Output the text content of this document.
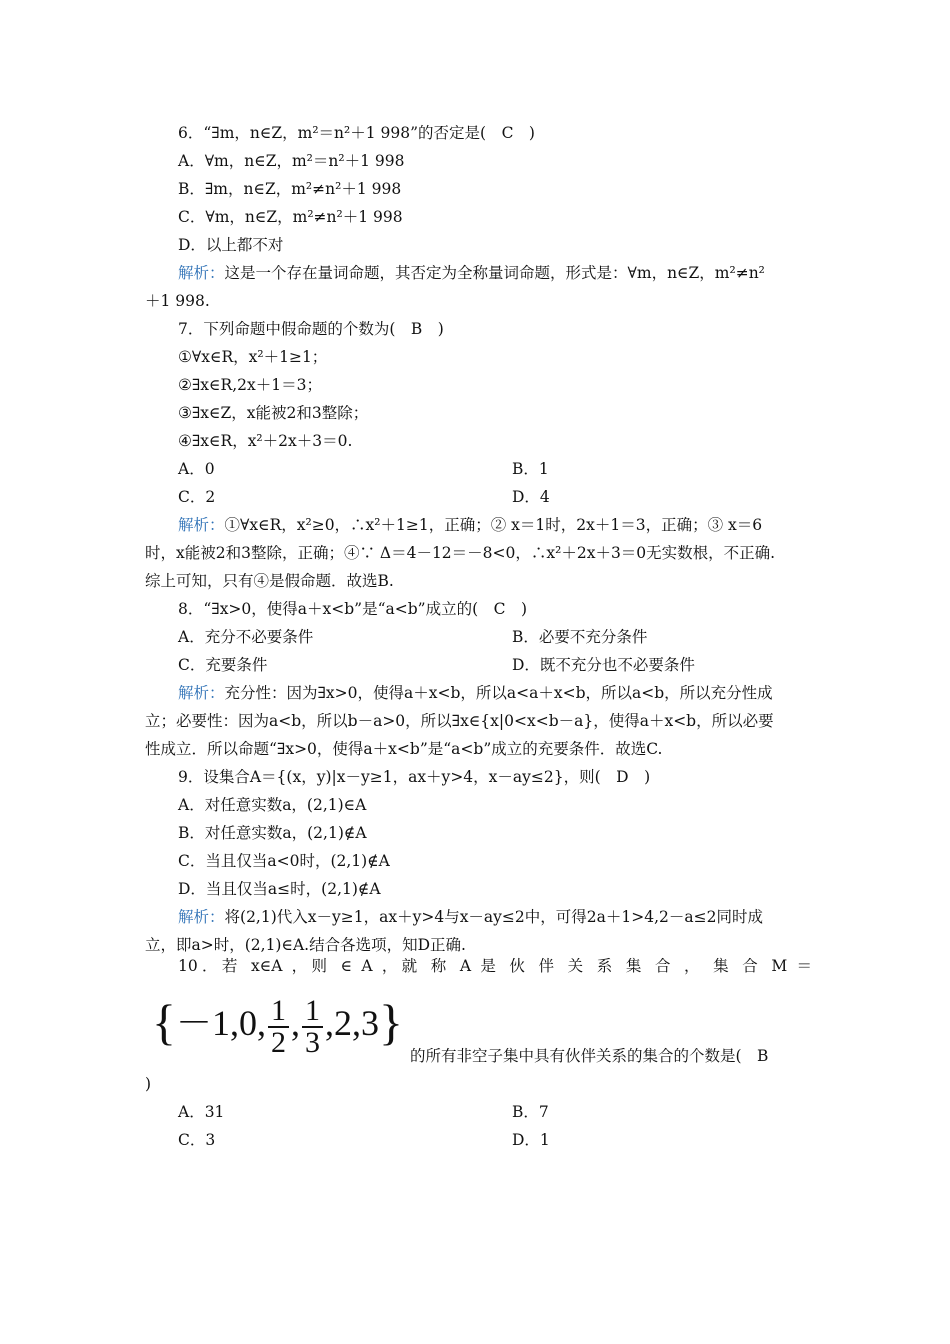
6．“∃m，n∈Z，m²＝n²＋1 998”的否定是(　C　)
A．∀m，n∈Z，m²＝n²＋1 998
B．∃m，n∈Z，m²≠n²＋1 998
C．∀m，n∈Z，m²≠n²＋1 998
D．以上都不对
解析：这是一个存在量词命题，其否定为全称量词命题，形式是：∀m，n∈Z，m²≠n²
＋1 998.
7．下列命题中假命题的个数为(　B　)
①∀x∈R，x²＋1≥1；
②∃x∈R,2x＋1＝3；
③∃x∈Z，x能被2和3整除；
④∃x∈R，x²＋2x＋3＝0.
A．0	B．1
C．2	D．4
解析：①∀x∈R，x²≥0，∴x²＋1≥1，正确；② x＝1时，2x＋1＝3，正确；③ x＝6
时，x能被2和3整除，正确；④∵ Δ＝4－12＝－8<0，∴x²＋2x＋3＝0无实数根，不正确.
综上可知，只有④是假命题．故选B.
8．“∃x>0，使得a＋x<b”是“a<b”成立的(　C　)
A．充分不必要条件	B．必要不充分条件
C．充要条件	D．既不充分也不必要条件
解析：充分性：因为∃x>0，使得a＋x<b，所以a<a＋x<b，所以a<b，所以充分性成
立；必要性：因为a<b，所以b－a>0，所以∃x∈{x|0<x<b－a}，使得a＋x<b，所以必要
性成立．所以命题“∃x>0，使得a＋x<b”是“a<b”成立的充要条件．故选C.
9．设集合A＝{(x，y)|x－y≥1，ax＋y>4，x－ay≤2}，则(　D　)
A．对任意实数a，(2,1)∈A
B．对任意实数a，(2,1)∉A
C．当且仅当a<0时，(2,1)∉A
D．当且仅当a≤时，(2,1)∉A
解析：将(2,1)代入x－y≥1，ax＋y>4与x－ay≤2中，可得2a＋1>4,2－a≤2同时成
立，即a>时，(2,1)∈A.结合各选项，知D正确.
10．若 x∈A ，则 ∈ A ，就 称 A 是 伙 伴 关 系 集 合 ， 集 合 M ＝
{－1,0, $\frac{1}{2}$ , $\frac{1}{3} ,2,3$}
的所有非空子集中具有伙伴关系的集合的个数是(　B
)
A．31	B．7
C．3	D．1
